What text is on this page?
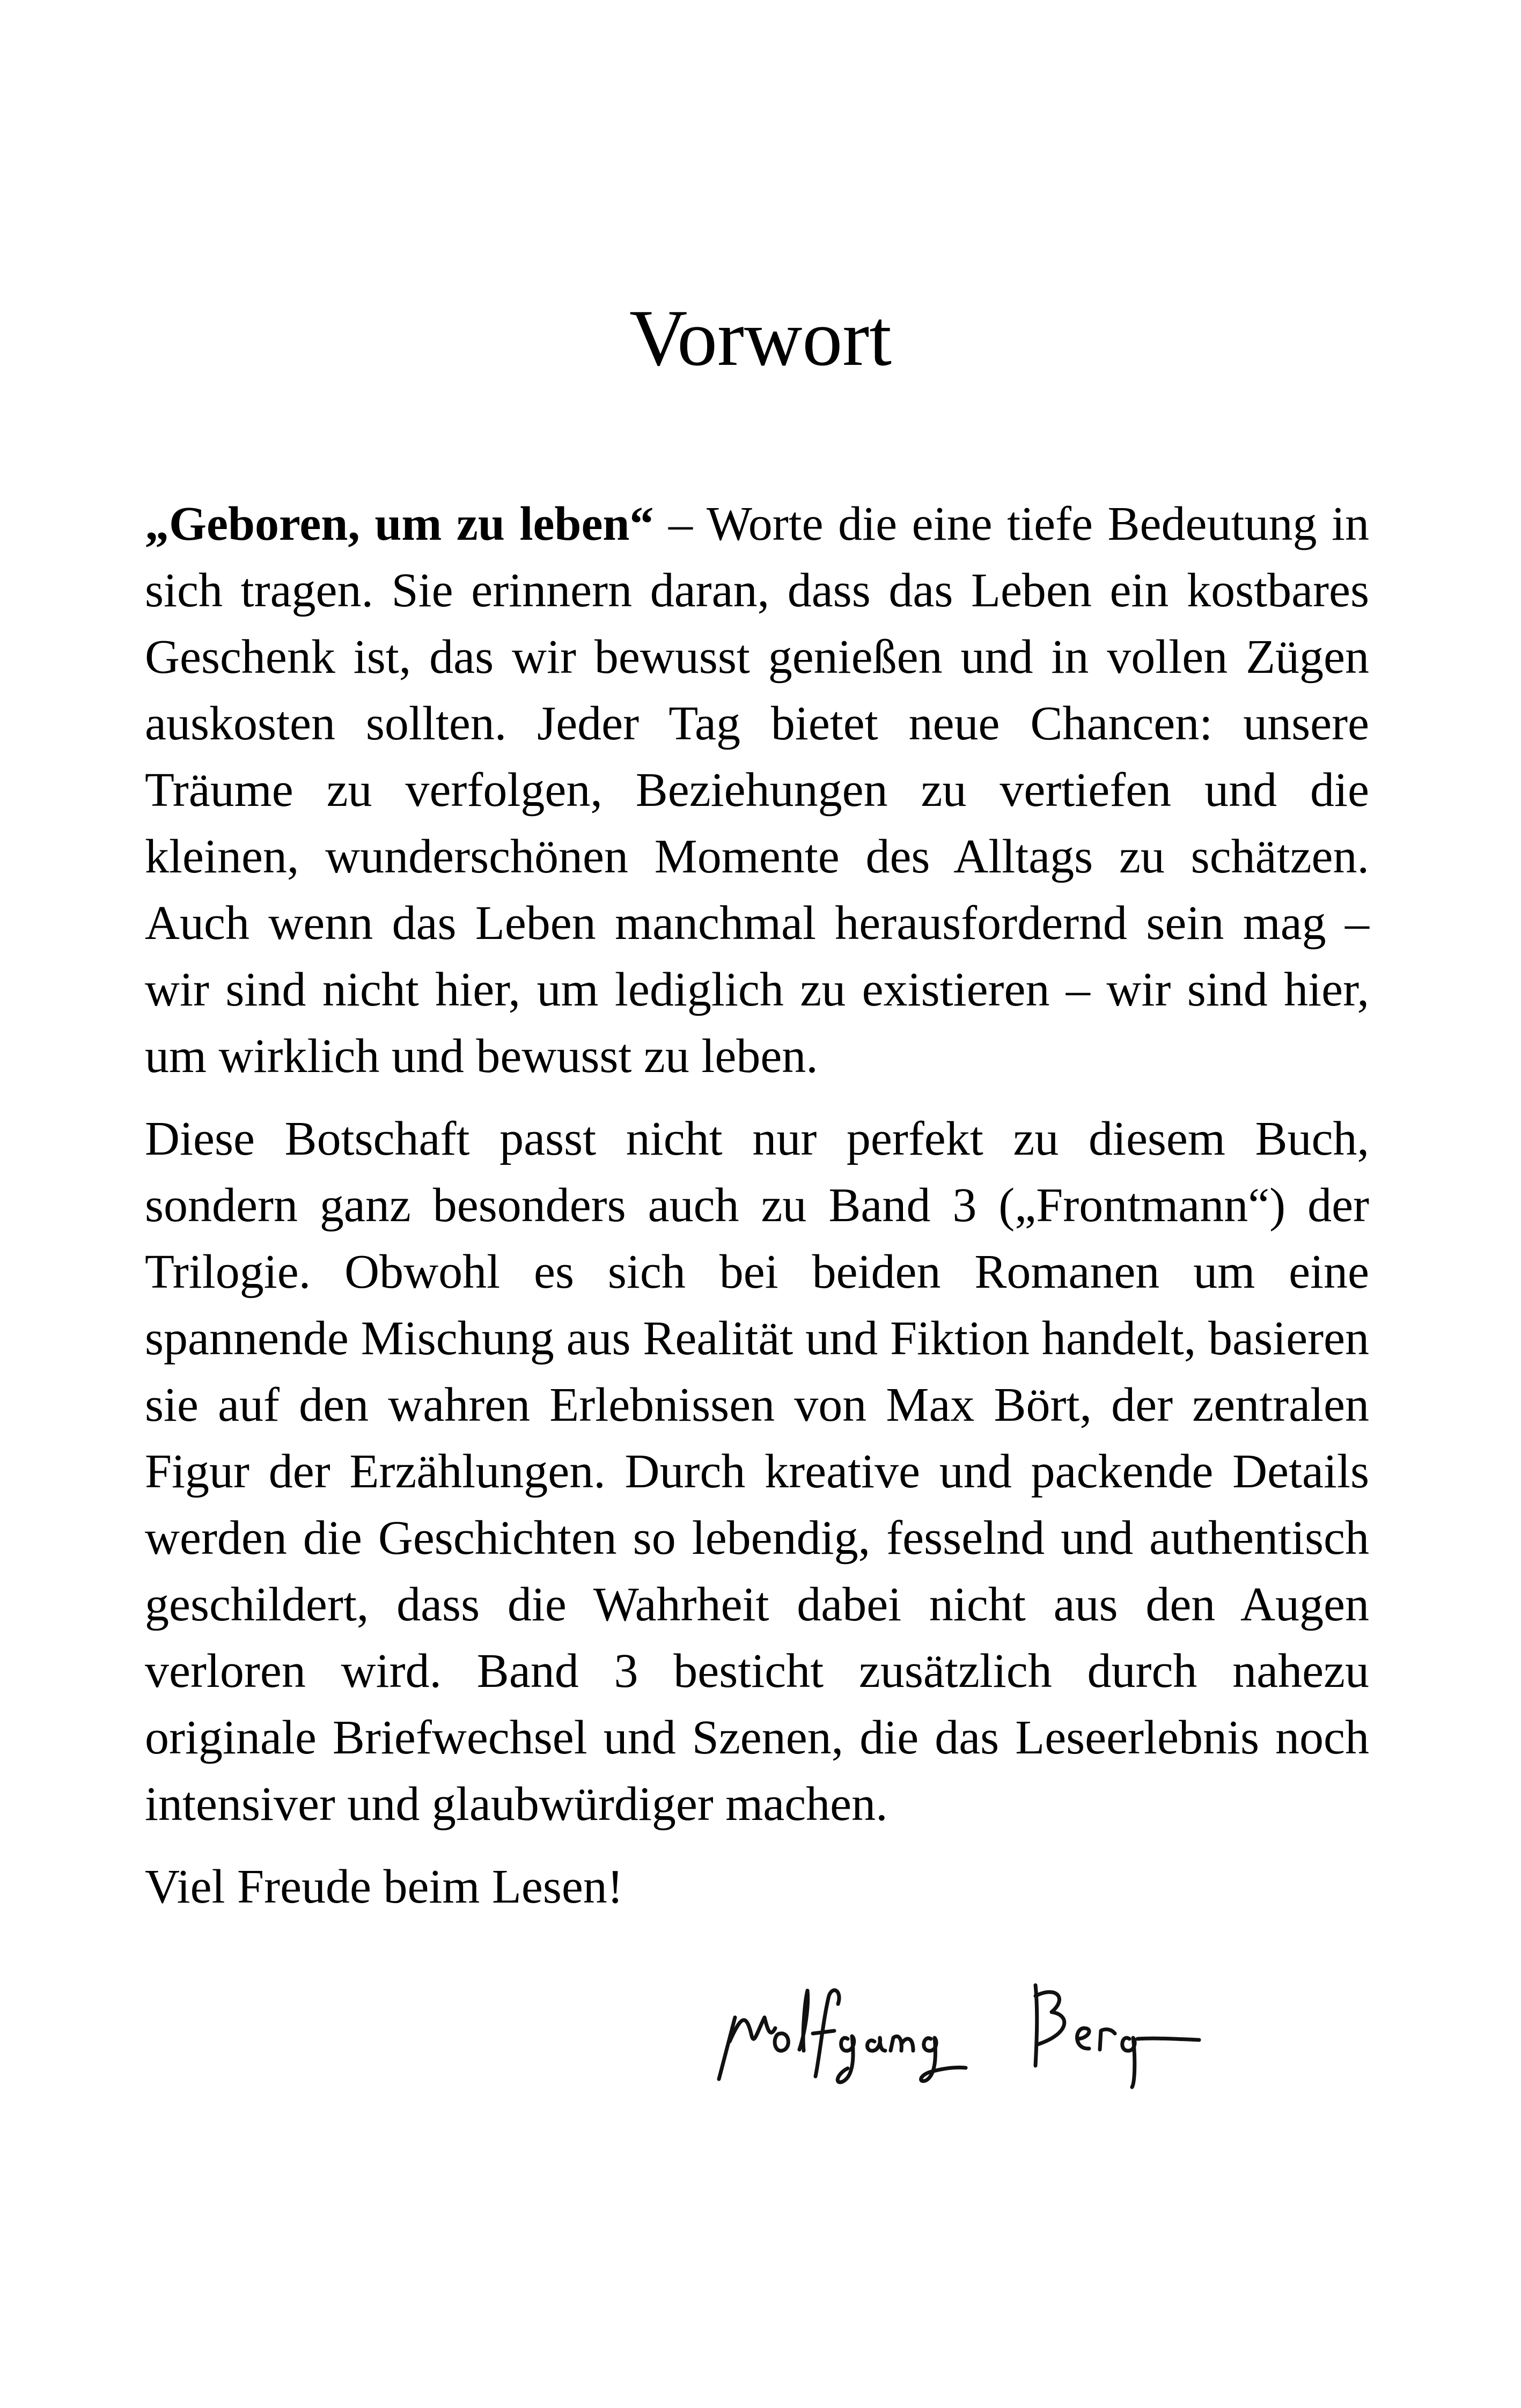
Vorwort

„Geboren, um zu leben“ – Worte die eine tiefe Bedeutung in sich tragen. Sie erinnern daran, dass das Leben ein kostbares Geschenk ist, das wir bewusst genießen und in vollen Zügen auskosten sollten. Jeder Tag bietet neue Chancen: unsere Träume zu verfolgen, Beziehungen zu vertiefen und die kleinen, wunderschönen Momente des Alltags zu schätzen. Auch wenn das Leben manchmal herausfordernd sein mag – wir sind nicht hier, um lediglich zu existieren – wir sind hier, um wirklich und bewusst zu leben.

Diese Botschaft passt nicht nur perfekt zu diesem Buch, sondern ganz besonders auch zu Band 3 („Frontmann“) der Trilogie. Obwohl es sich bei beiden Romanen um eine spannende Mischung aus Realität und Fiktion handelt, basieren sie auf den wahren Erlebnissen von Max Bört, der zentralen Figur der Erzählungen. Durch kreative und packende Details werden die Geschichten so lebendig, fesselnd und authentisch geschildert, dass die Wahrheit dabei nicht aus den Augen verloren wird. Band 3 besticht zusätzlich durch nahezu originale Briefwechsel und Szenen, die das Leseerlebnis noch intensiver und glaubwürdiger machen.

Viel Freude beim Lesen!
